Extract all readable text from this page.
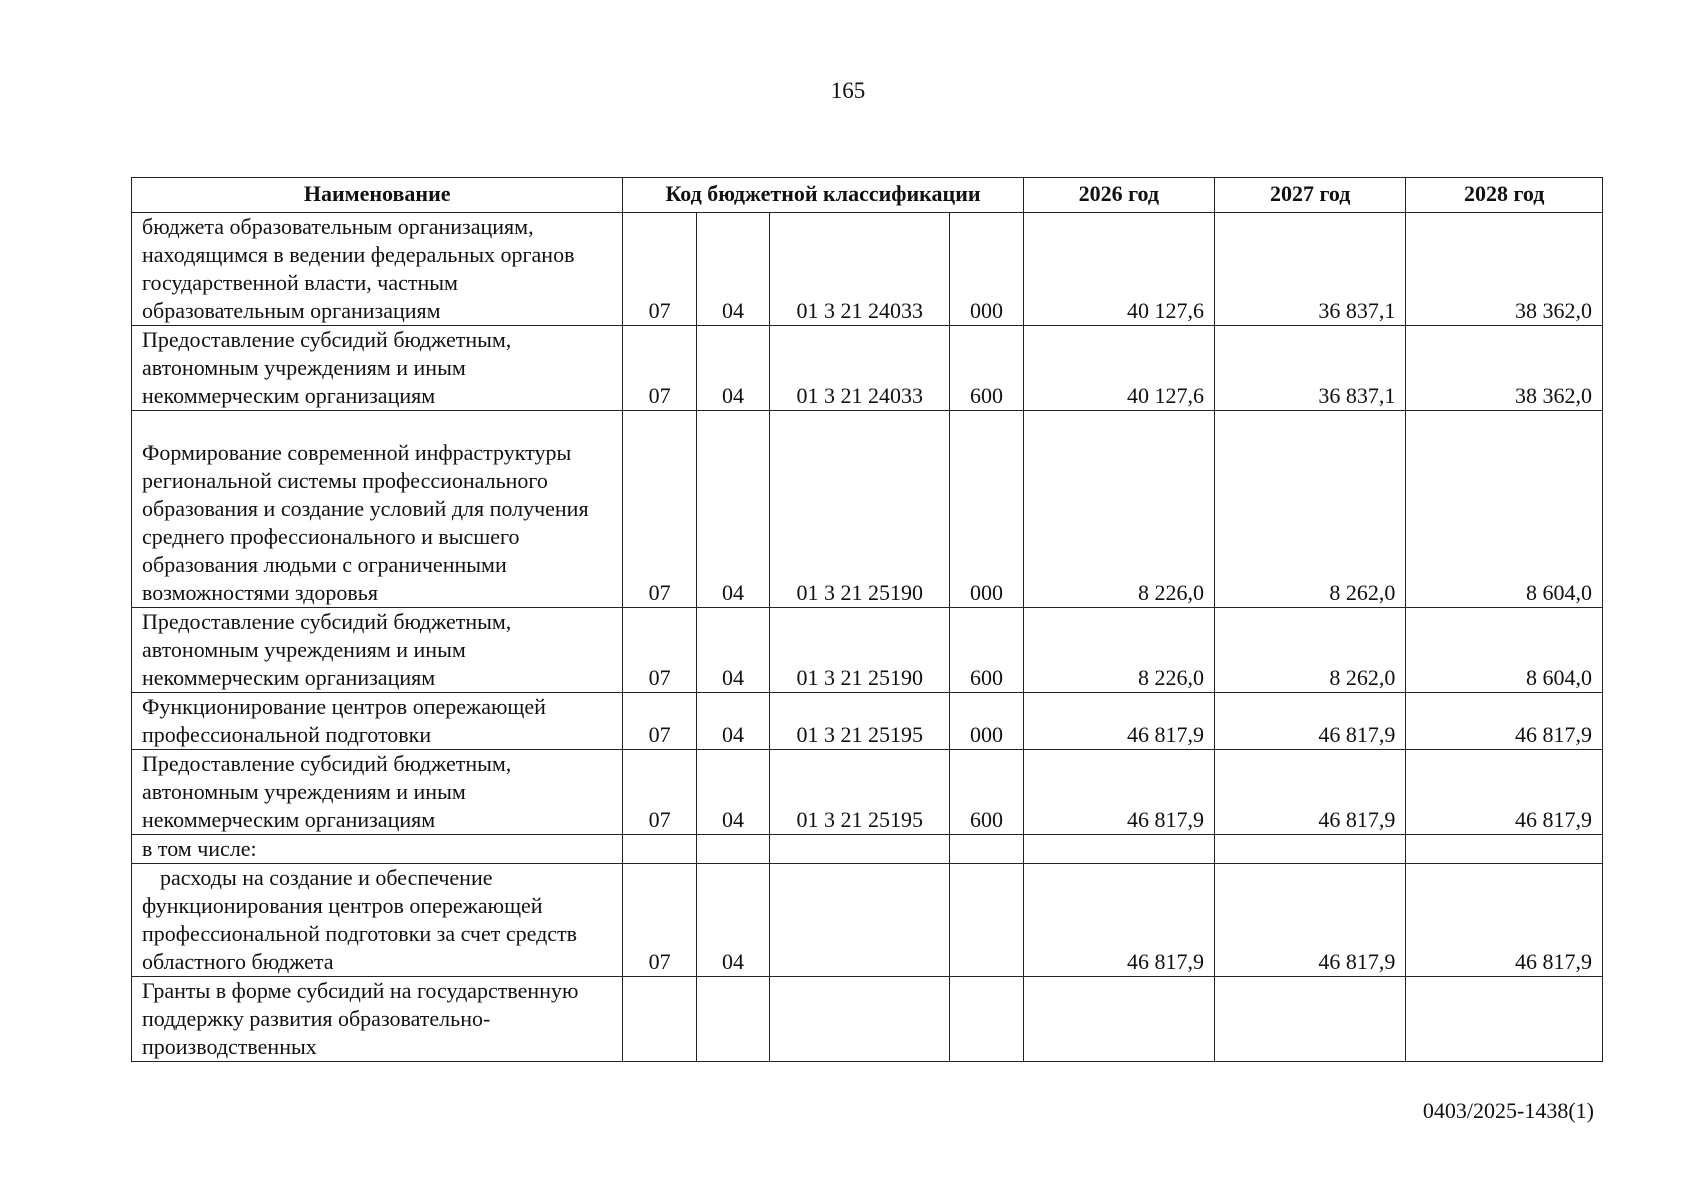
165
Наименование	Код бюджетной классификации				2026 год	2027 год	2028 год
бюджета образовательным организациям, находящимся в ведении федеральных органов государственной власти, частным образовательным организациям	07	04	01 3 21 24033	000	40 127,6	36 837,1	38 362,0
Предоставление субсидий бюджетным, автономным учреждениям и иным некоммерческим организациям	07	04	01 3 21 24033	600	40 127,6	36 837,1	38 362,0
Формирование современной инфраструктуры региональной системы профессионального образования и создание условий для получения среднего профессионального и высшего образования людьми с ограниченными возможностями здоровья	07	04	01 3 21 25190	000	8 226,0	8 262,0	8 604,0
Предоставление субсидий бюджетным, автономным учреждениям и иным некоммерческим организациям	07	04	01 3 21 25190	600	8 226,0	8 262,0	8 604,0
Функционирование центров опережающей профессиональной подготовки	07	04	01 3 21 25195	000	46 817,9	46 817,9	46 817,9
Предоставление субсидий бюджетным, автономным учреждениям и иным некоммерческим организациям	07	04	01 3 21 25195	600	46 817,9	46 817,9	46 817,9
в том числе:							
расходы на создание и обеспечение функционирования центров опережающей профессиональной подготовки за счет средств областного бюджета	07	04			46 817,9	46 817,9	46 817,9
Гранты в форме субсидий на государственную поддержку развития образовательно-производственных							
0403/2025-1438(1)
